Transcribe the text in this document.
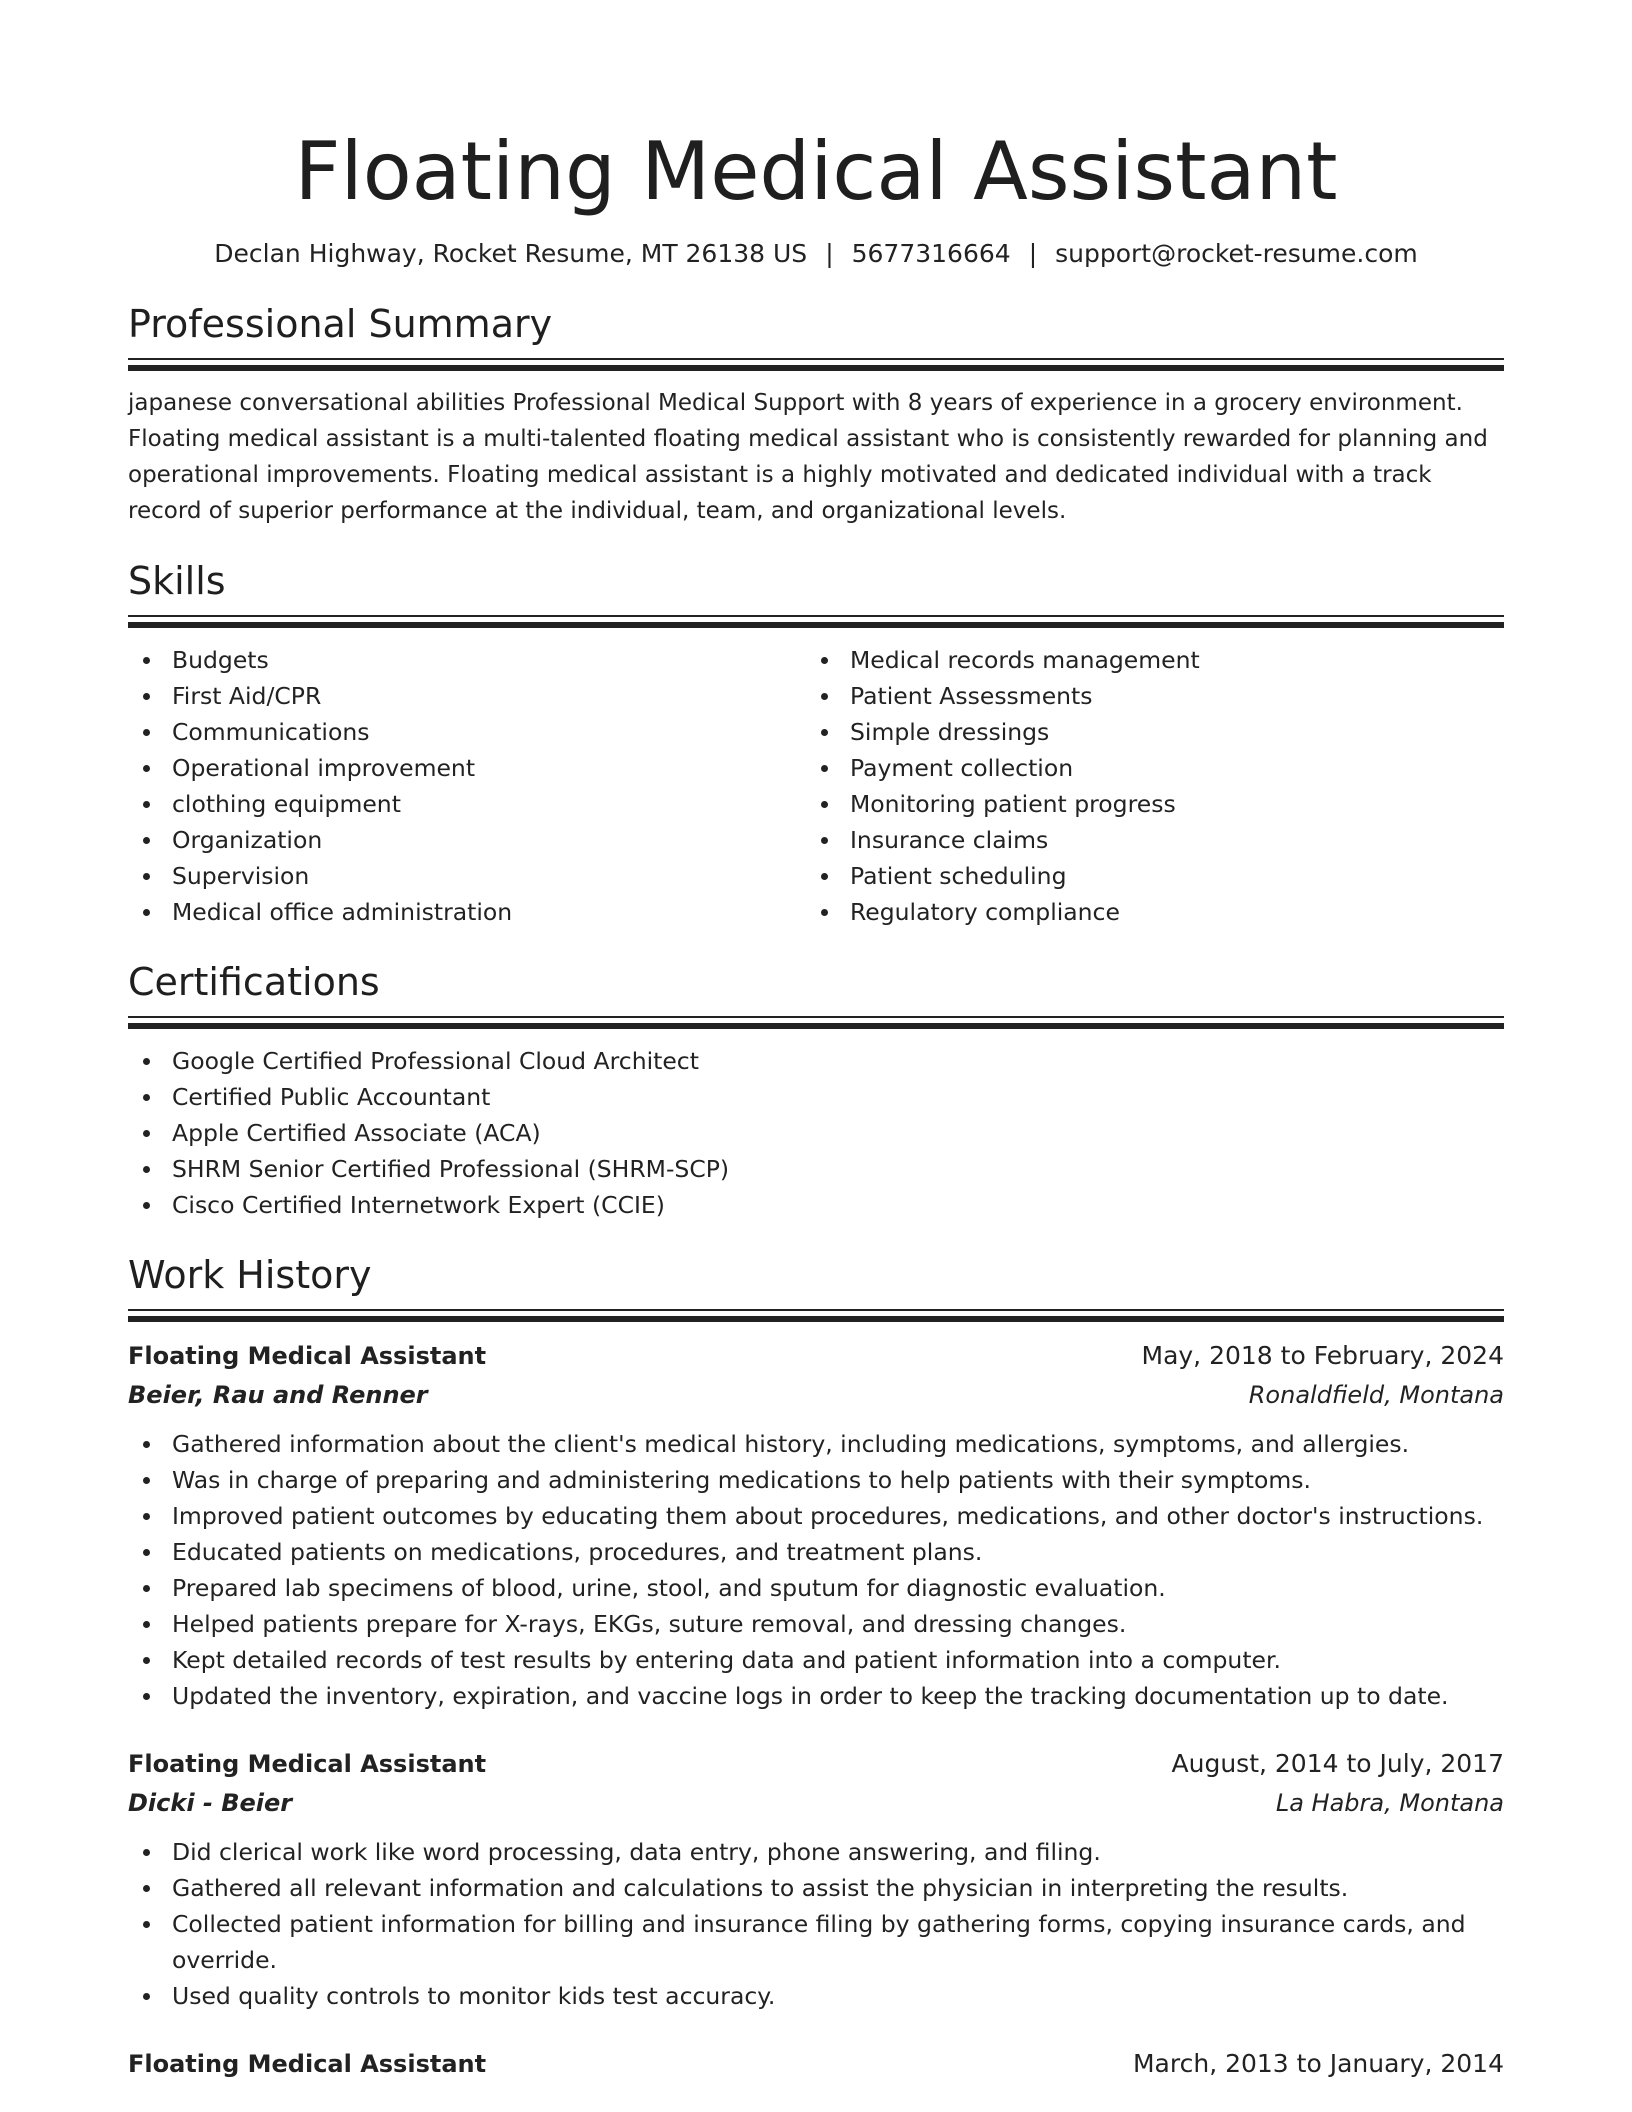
Floating Medical Assistant
Declan Highway, Rocket Resume, MT 26138 US | 5677316664 | support@rocket-resume.com
Professional Summary

japanese conversational abilities Professional Medical Support with 8 years of experience in a grocery environment. Floating medical assistant is a multi-talented floating medical assistant who is consistently rewarded for planning and operational improvements. Floating medical assistant is a highly motivated and dedicated individual with a track record of superior performance at the individual, team, and organizational levels.

Skills
Budgets
First Aid/CPR
Communications
Operational improvement
clothing equipment
Organization
Supervision
Medical office administration
Medical records management
Patient Assessments
Simple dressings
Payment collection
Monitoring patient progress
Insurance claims
Patient scheduling
Regulatory compliance
Certifications
Google Certified Professional Cloud Architect
Certified Public Accountant
Apple Certified Associate (ACA)
SHRM Senior Certified Professional (SHRM-SCP)
Cisco Certified Internetwork Expert (CCIE)
Work History
Floating Medical Assistant	May, 2018 to February, 2024
Beier, Rau and Renner	Ronaldfield, Montana
Gathered information about the client's medical history, including medications, symptoms, and allergies.
Was in charge of preparing and administering medications to help patients with their symptoms.
Improved patient outcomes by educating them about procedures, medications, and other doctor's instructions.
Educated patients on medications, procedures, and treatment plans.
Prepared lab specimens of blood, urine, stool, and sputum for diagnostic evaluation.
Helped patients prepare for X-rays, EKGs, suture removal, and dressing changes.
Kept detailed records of test results by entering data and patient information into a computer.
Updated the inventory, expiration, and vaccine logs in order to keep the tracking documentation up to date.
Floating Medical Assistant	August, 2014 to July, 2017
Dicki - Beier	La Habra, Montana
Did clerical work like word processing, data entry, phone answering, and filing.
Gathered all relevant information and calculations to assist the physician in interpreting the results.
Collected patient information for billing and insurance filing by gathering forms, copying insurance cards, and override.
Used quality controls to monitor kids test accuracy.
Floating Medical Assistant	March, 2013 to January, 2014
